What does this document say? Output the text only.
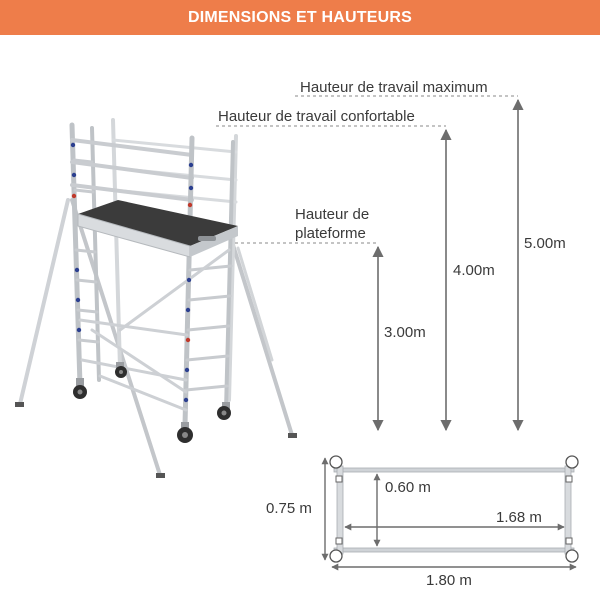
DIMENSIONS ET HAUTEURS
Hauteur de travail maximum
Hauteur de travail confortable
Hauteur de
plateforme
5.00m
4.00m
3.00m
0.75 m
0.60 m
1.68 m
1.80 m
